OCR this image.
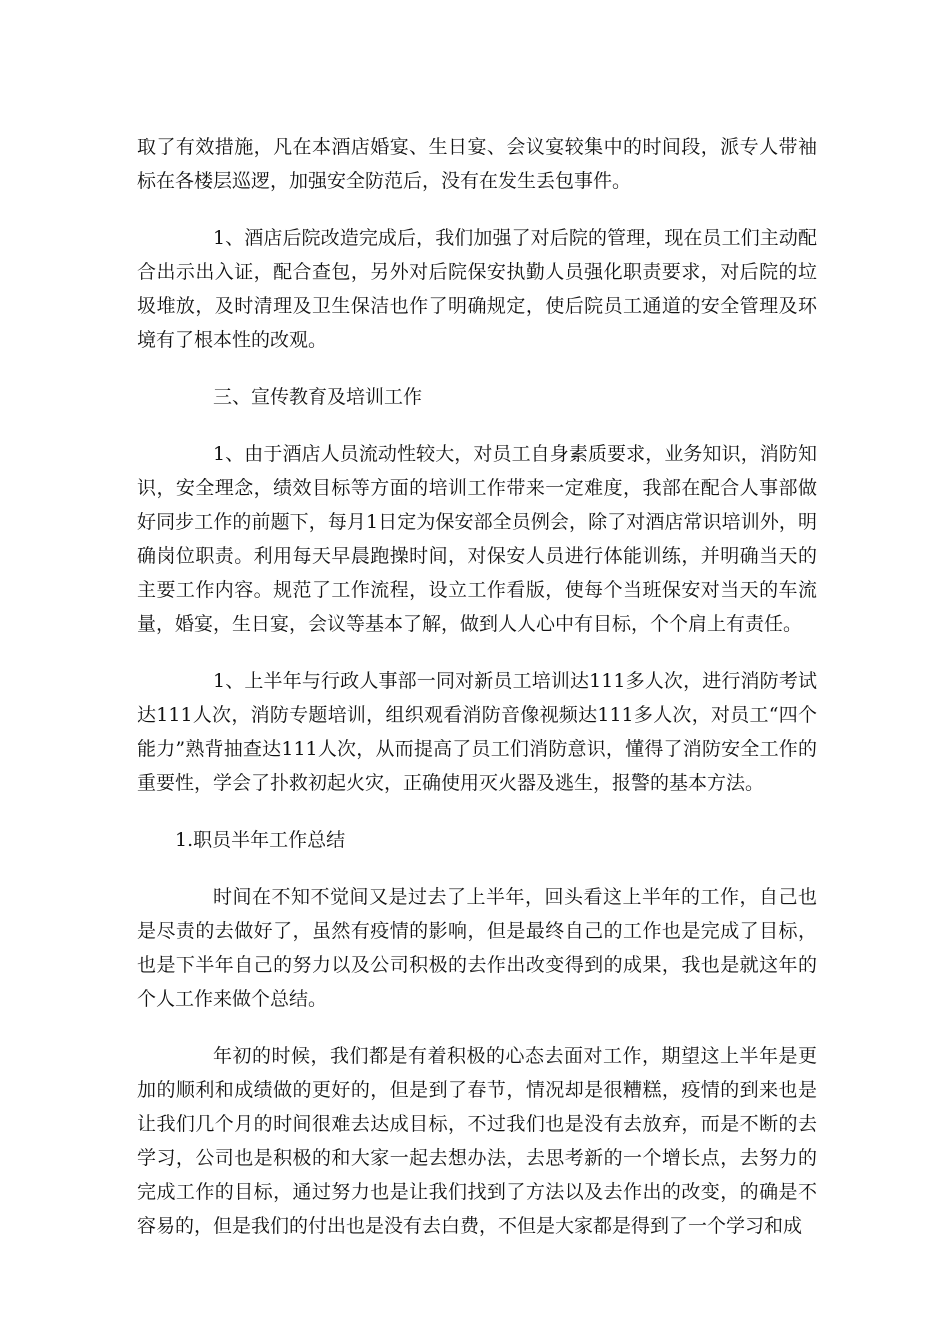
取了有效措施，凡在本酒店婚宴、生日宴、会议宴较集中的时间段，派专人带袖标在各楼层巡逻，加强安全防范后，没有在发生丢包事件。

1、酒店后院改造完成后，我们加强了对后院的管理，现在员工们主动配合出示出入证，配合查包，另外对后院保安执勤人员强化职责要求，对后院的垃圾堆放，及时清理及卫生保洁也作了明确规定，使后院员工通道的安全管理及环境有了根本性的改观。

三、宣传教育及培训工作

1、由于酒店人员流动性较大，对员工自身素质要求，业务知识，消防知识，安全理念，绩效目标等方面的培训工作带来一定难度，我部在配合人事部做好同步工作的前题下，每月1日定为保安部全员例会，除了对酒店常识培训外，明确岗位职责。利用每天早晨跑操时间，对保安人员进行体能训练，并明确当天的主要工作内容。规范了工作流程，设立工作看版，使每个当班保安对当天的车流量，婚宴，生日宴，会议等基本了解，做到人人心中有目标，个个肩上有责任。

1、上半年与行政人事部一同对新员工培训达111多人次，进行消防考试达111人次，消防专题培训，组织观看消防音像视频达111多人次，对员工“四个能力”熟背抽查达111人次，从而提高了员工们消防意识，懂得了消防安全工作的重要性，学会了扑救初起火灾，正确使用灭火器及逃生，报警的基本方法。

1.职员半年工作总结

时间在不知不觉间又是过去了上半年，回头看这上半年的工作，自己也是尽责的去做好了，虽然有疫情的影响，但是最终自己的工作也是完成了目标，也是下半年自己的努力以及公司积极的去作出改变得到的成果，我也是就这年的个人工作来做个总结。

年初的时候，我们都是有着积极的心态去面对工作，期望这上半年是更加的顺利和成绩做的更好的，但是到了春节，情况却是很糟糕，疫情的到来也是让我们几个月的时间很难去达成目标，不过我们也是没有去放弃，而是不断的去学习，公司也是积极的和大家一起去想办法，去思考新的一个增长点，去努力的完成工作的目标，通过努力也是让我们找到了方法以及去作出的改变，的确是不容易的，但是我们的付出也是没有去白费，不但是大家都是得到了一个学习和成
